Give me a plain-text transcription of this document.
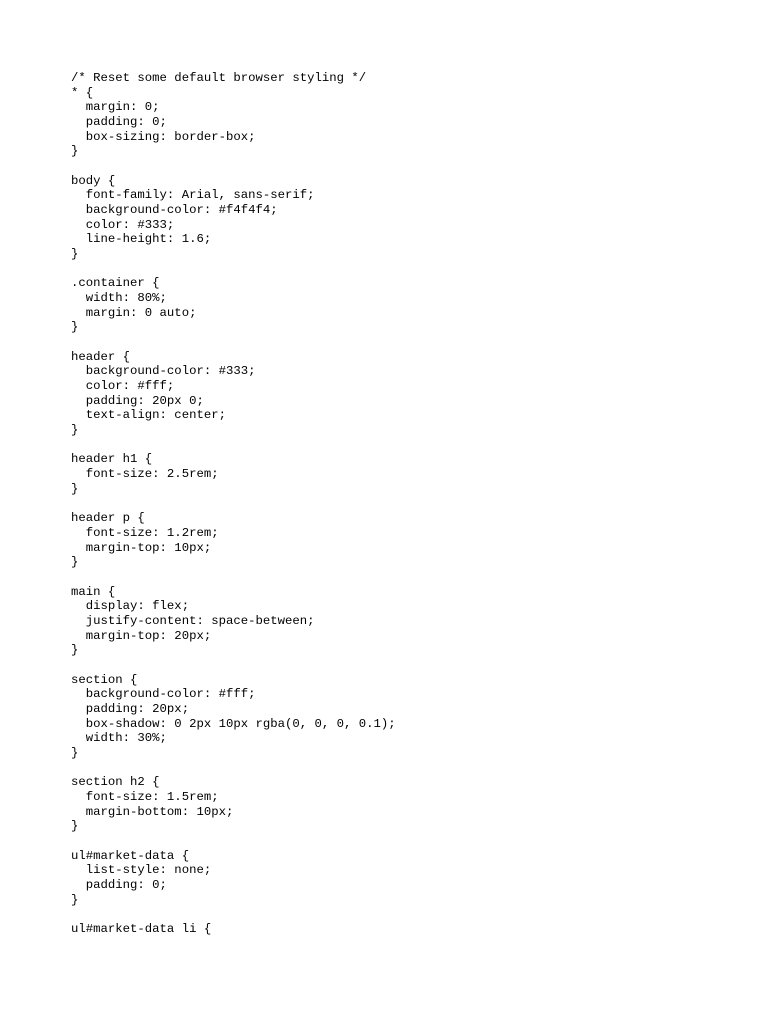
/* Reset some default browser styling */
* {
margin: 0;
padding: 0;
box-sizing: border-box;
}
body {
font-family: Arial, sans-serif;
background-color: #f4f4f4;
color: #333;
line-height: 1.6;
}
.container {
width: 80%;
margin: 0 auto;
}
header {
background-color: #333;
color: #fff;
padding: 20px 0;
text-align: center;
}
header h1 {
font-size: 2.5rem;
}
header p {
font-size: 1.2rem;
margin-top: 10px;
}
main {
display: flex;
justify-content: space-between;
margin-top: 20px;
}
section {
background-color: #fff;
padding: 20px;
box-shadow: 0 2px 10px rgba(0, 0, 0, 0.1);
width: 30%;
}
section h2 {
font-size: 1.5rem;
margin-bottom: 10px;
}
ul#market-data {
list-style: none;
padding: 0;
}
ul#market-data li {
